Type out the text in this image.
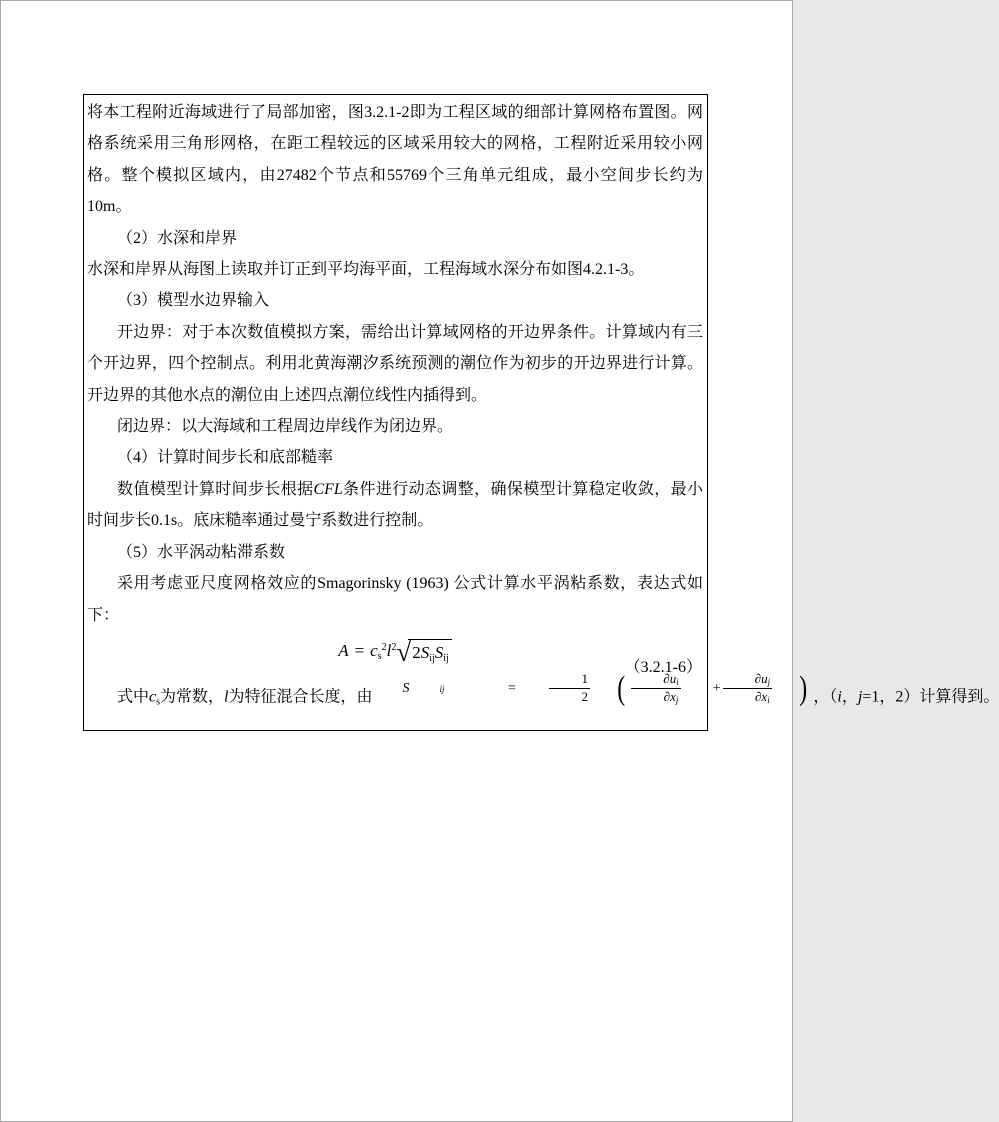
将本工程附近海域进行了局部加密，图3.2.1-2即为工程区域的细部计算网格布置图。网格系统采用三角形网格，在距工程较远的区域采用较大的网格，工程附近采用较小网格。整个模拟区域内，由27482个节点和55769个三角单元组成，最小空间步长约为10m。

（2）水深和岸界

水深和岸界从海图上读取并订正到平均海平面，工程海域水深分布如图4.2.1-3。

（3）模型水边界输入

开边界：对于本次数值模拟方案，需给出计算域网格的开边界条件。计算域内有三个开边界，四个控制点。利用北黄海潮汐系统预测的潮位作为初步的开边界进行计算。开边界的其他水点的潮位由上述四点潮位线性内插得到。

闭边界：以大海域和工程周边岸线作为闭边界。

（4）计算时间步长和底部糙率

数值模型计算时间步长根据CFL条件进行动态调整，确保模型计算稳定收敛，最小时间步长0.1s。底床糙率通过曼宁系数进行控制。

（5）水平涡动粘滞系数

采用考虑亚尺度网格效应的Smagorinsky (1963) 公式计算水平涡粘系数，表达式如下：

$A = c_s^2l^2$ √ $2S_{ij}S_{ij}$
（3.2.1-6）

式中$c_s$为常数，l为特征混合长度，由
S	ij
	=
	$\frac{1}{2}$ ( $\frac{\partial u_i}{\partial x_j}$	+ $\frac{\partial u_j}{\partial x_i}$ ) ，（i，j=1，2）计算得到。
